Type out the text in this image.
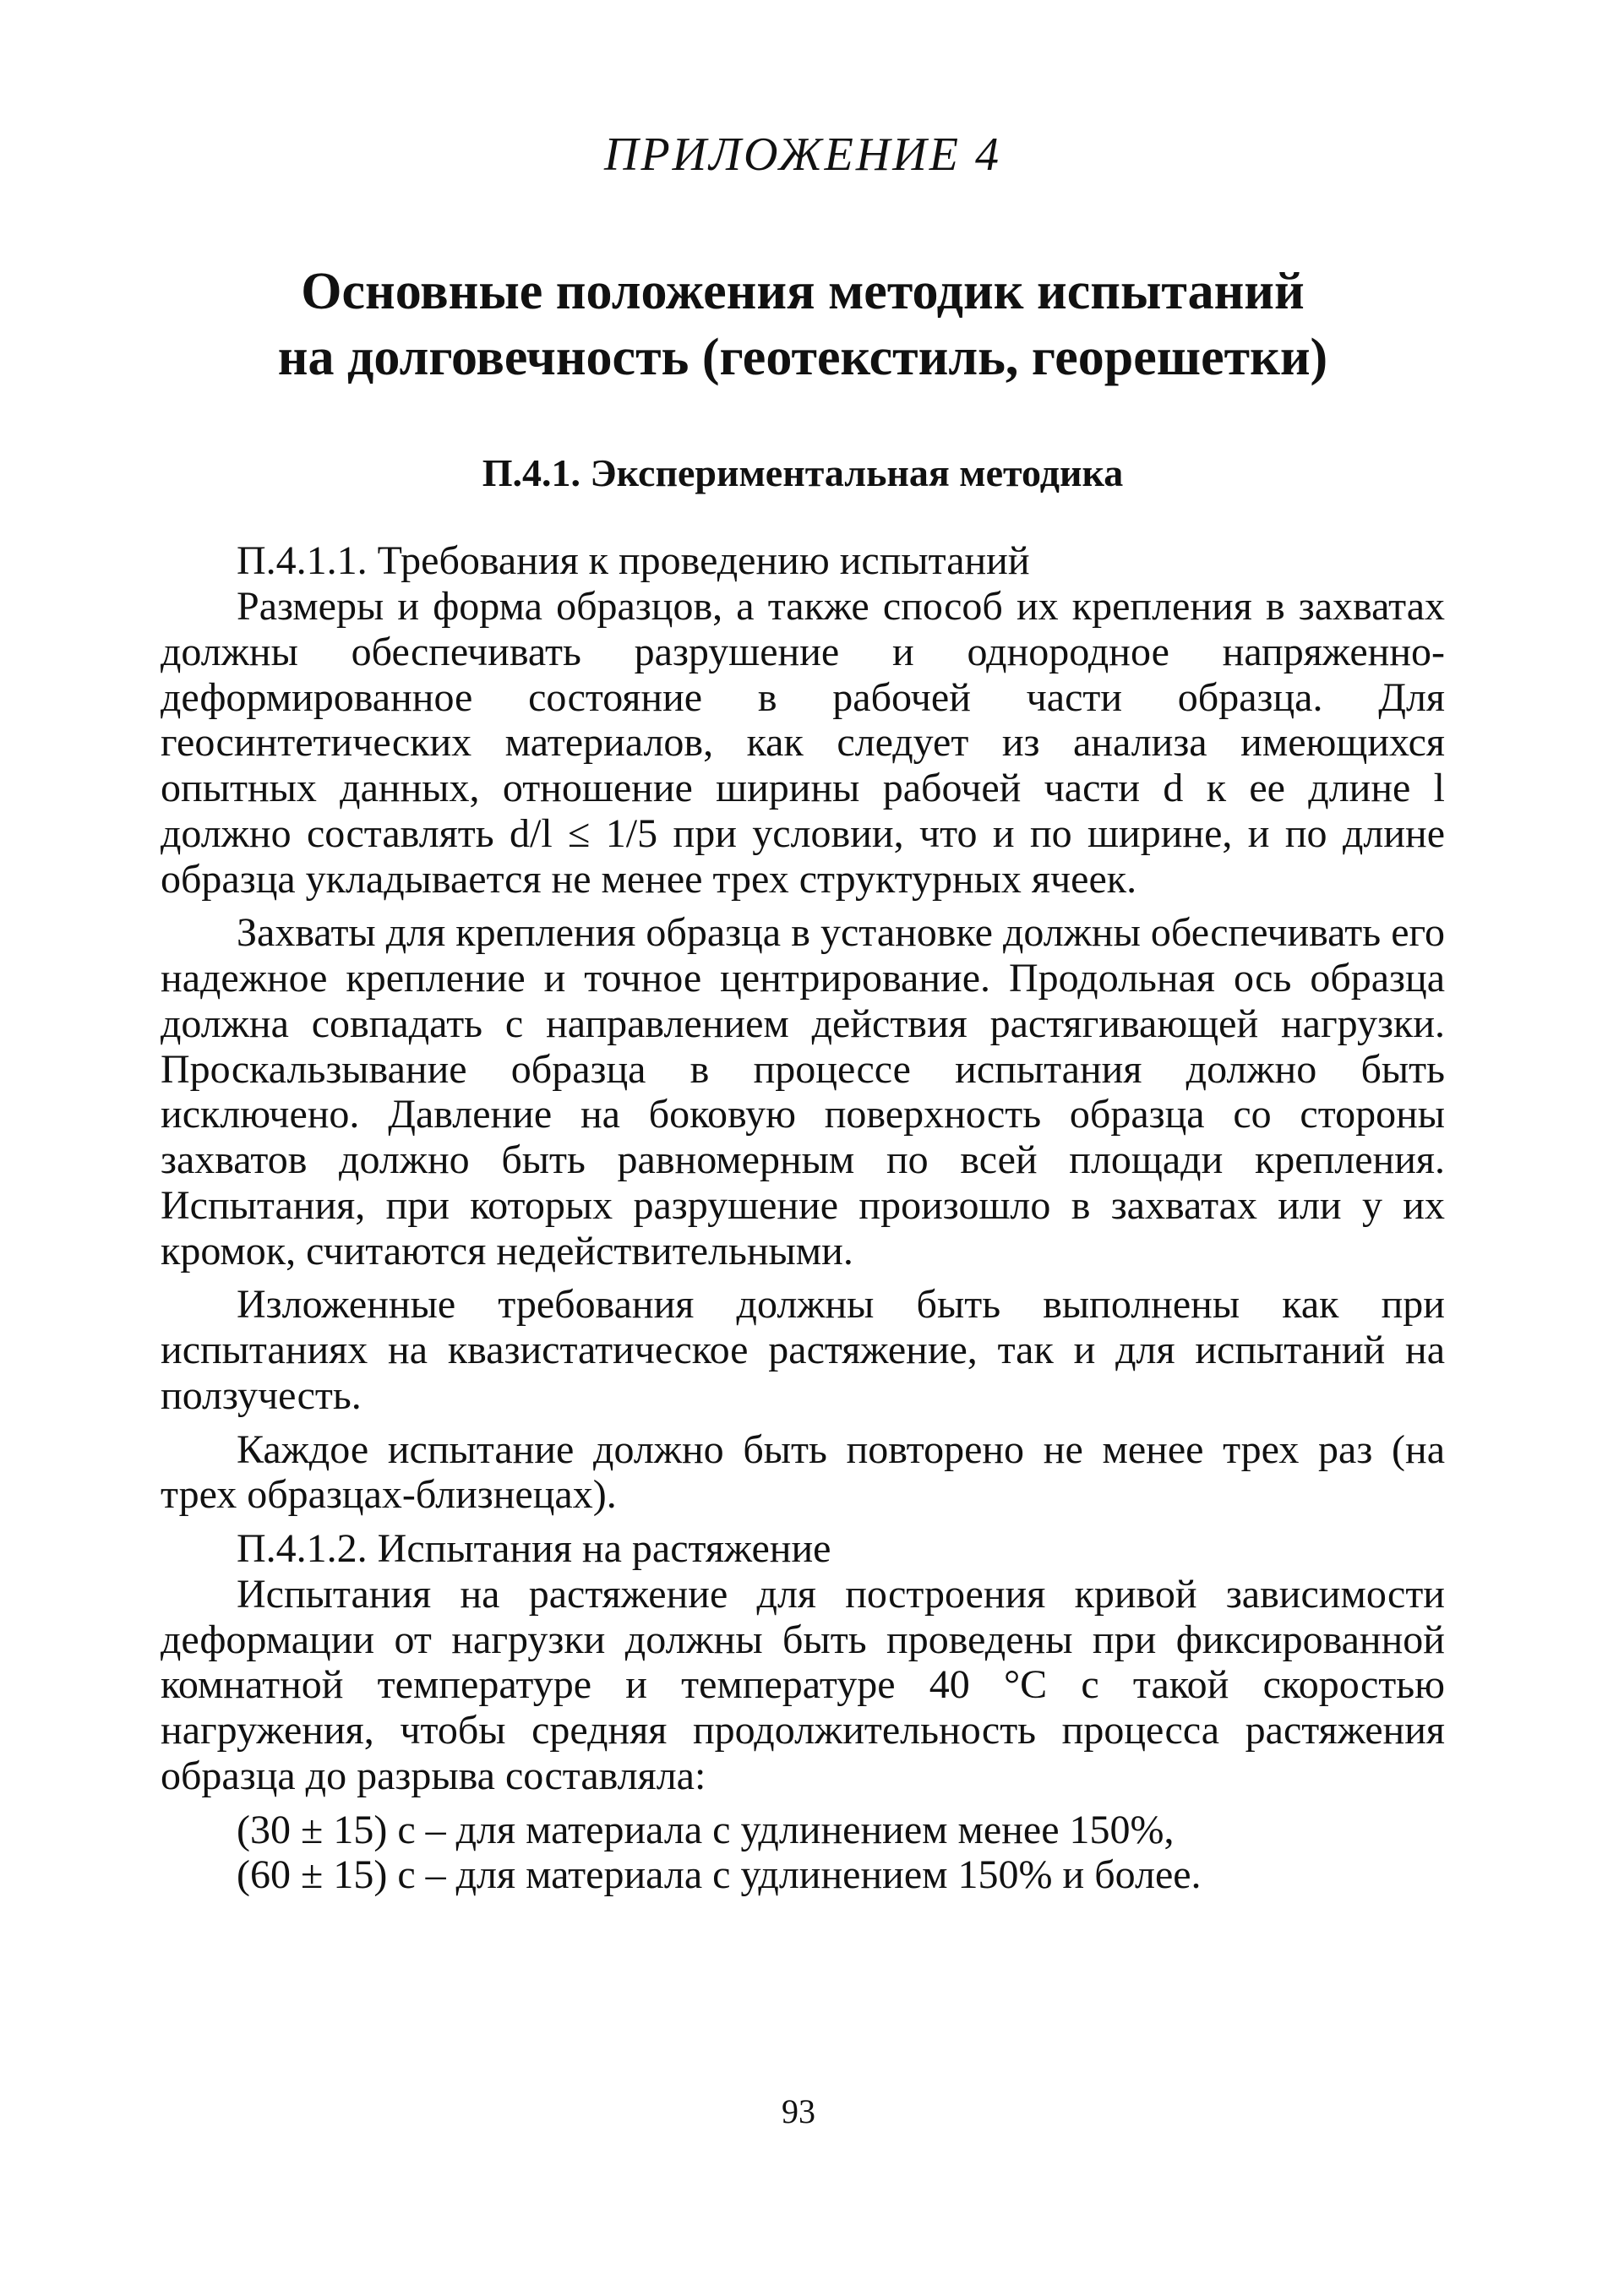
ПРИЛОЖЕНИЕ 4
Основные положения методик испытаний
на долговечность (геотекстиль, георешетки)
П.4.1. Экспериментальная методика

П.4.1.1. Требования к проведению испытаний

Размеры и форма образцов, а также способ их крепления в захватах должны обеспечивать разрушение и однородное напряженно-деформированное состояние в рабочей части образца. Для геосинтетических материалов, как следует из анализа имеющихся опытных данных, отношение ширины рабочей части d к ее длине l должно составлять d/l ≤ 1/5 при условии, что и по ширине, и по длине образца укладывается не менее трех структурных ячеек.

Захваты для крепления образца в установке должны обеспечивать его надежное крепление и точное центрирование. Продольная ось образца должна совпадать с направлением действия растягивающей нагрузки. Проскальзывание образца в процессе испытания должно быть исключено. Давление на боковую поверхность образца со стороны захватов должно быть равномерным по всей площади крепления. Испытания, при которых разрушение произошло в захватах или у их кромок, считаются недействительными.

Изложенные требования должны быть выполнены как при испытаниях на квазистатическое растяжение, так и для испытаний на ползучесть.

Каждое испытание должно быть повторено не менее трех раз (на трех образцах-близнецах).

П.4.1.2. Испытания на растяжение

Испытания на растяжение для построения кривой зависимости деформации от нагрузки должны быть проведены при фиксированной комнатной температуре и температуре 40 °С с такой скоростью нагружения, чтобы средняя продолжительность процесса растяжения образца до разрыва составляла:

(30 ± 15) с – для материала с удлинением менее 150%,

(60 ± 15) с – для материала с удлинением 150% и более.

93
